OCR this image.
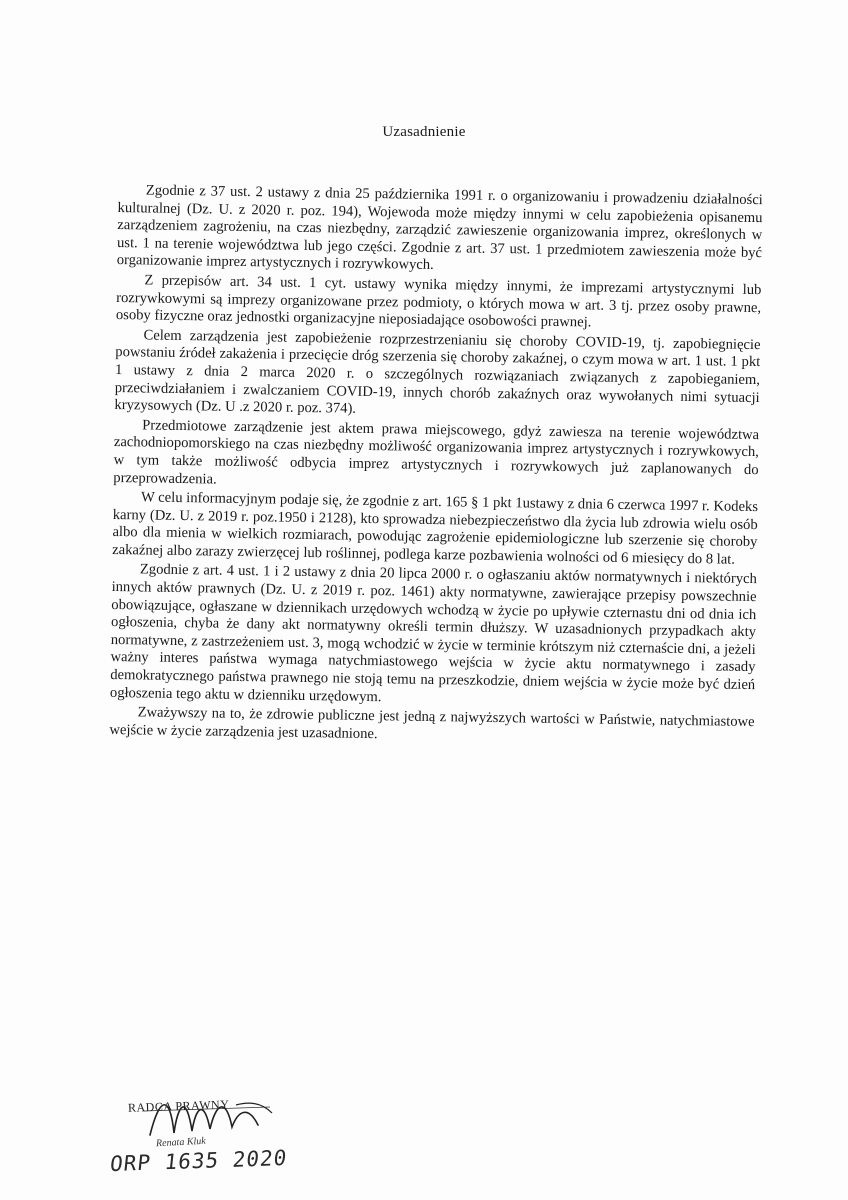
Uzasadnienie

Zgodnie z 37 ust. 2 ustawy z dnia 25 października 1991 r. o organizowaniu i prowadzeniu działalności kulturalnej (Dz. U. z 2020 r. poz. 194), Wojewoda może między innymi w celu zapobieżenia opisanemu zarządzeniem zagrożeniu, na czas niezbędny, zarządzić zawieszenie organizowania imprez, określonych w ust. 1 na terenie województwa lub jego części. Zgodnie z art. 37 ust. 1 przedmiotem zawieszenia może być organizowanie imprez artystycznych i rozrywkowych.

Z przepisów art. 34 ust. 1 cyt. ustawy wynika między innymi, że imprezami artystycznymi lub rozrywkowymi są imprezy organizowane przez podmioty, o których mowa w art. 3 tj. przez osoby prawne, osoby fizyczne oraz jednostki organizacyjne nieposiadające osobowości prawnej.

Celem zarządzenia jest zapobieżenie rozprzestrzenianiu się choroby COVID-19, tj. zapobiegnięcie powstaniu źródeł zakażenia i przecięcie dróg szerzenia się choroby zakaźnej, o czym mowa w art. 1 ust. 1 pkt 1 ustawy z dnia 2 marca 2020 r. o szczególnych rozwiązaniach związanych z zapobieganiem, przeciwdziałaniem i zwalczaniem COVID-19, innych chorób zakaźnych oraz wywołanych nimi sytuacji kryzysowych (Dz. U .z 2020 r. poz. 374).

Przedmiotowe zarządzenie jest aktem prawa miejscowego, gdyż zawiesza na terenie województwa zachodniopomorskiego na czas niezbędny możliwość organizowania imprez artystycznych i rozrywkowych, w tym także możliwość odbycia imprez artystycznych i rozrywkowych już zaplanowanych do przeprowadzenia.

W celu informacyjnym podaje się, że zgodnie z art. 165 § 1 pkt 1ustawy z dnia 6 czerwca 1997 r. Kodeks karny (Dz. U. z 2019 r. poz.1950 i 2128), kto sprowadza niebezpieczeństwo dla życia lub zdrowia wielu osób albo dla mienia w wielkich rozmiarach, powodując zagrożenie epidemiologiczne lub szerzenie się choroby zakaźnej albo zarazy zwierzęcej lub roślinnej, podlega karze pozbawienia wolności od 6 miesięcy do 8 lat.

Zgodnie z art. 4 ust. 1 i 2 ustawy z dnia 20 lipca 2000 r. o ogłaszaniu aktów normatywnych i niektórych innych aktów prawnych (Dz. U. z 2019 r. poz. 1461) akty normatywne, zawierające przepisy powszechnie obowiązujące, ogłaszane w dziennikach urzędowych wchodzą w życie po upływie czternastu dni od dnia ich ogłoszenia, chyba że dany akt normatywny określi termin dłuższy. W uzasadnionych przypadkach akty normatywne, z zastrzeżeniem ust. 3, mogą wchodzić w życie w terminie krótszym niż czternaście dni, a jeżeli ważny interes państwa wymaga natychmiastowego wejścia w życie aktu normatywnego i zasady demokratycznego państwa prawnego nie stoją temu na przeszkodzie, dniem wejścia w życie może być dzień ogłoszenia tego aktu w dzienniku urzędowym.

Zważywszy na to, że zdrowie publiczne jest jedną z najwyższych wartości w Państwie, natychmiastowe wejście w życie zarządzenia jest uzasadnione.

RADCA PRAWNY
Renata Kluk
ORP 1635 2020
